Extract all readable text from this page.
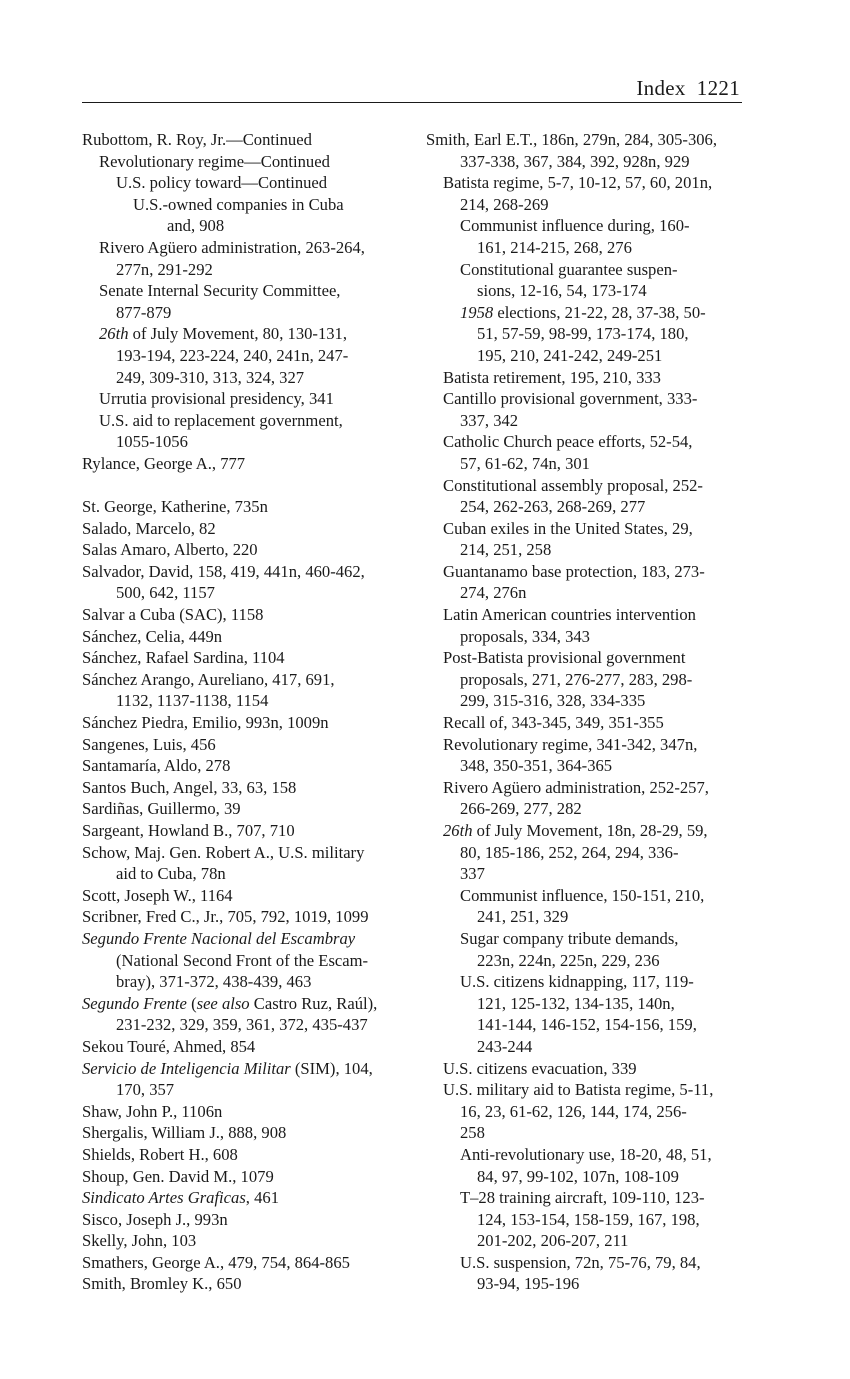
Index 1221
Rubottom, R. Roy, Jr.—Continued
Revolutionary regime—Continued
U.S. policy toward—Continued
U.S.-owned companies in Cuba
and, 908
Rivero Agüero administration, 263-264,
277n, 291-292
Senate Internal Security Committee,
877-879
26th of July Movement, 80, 130-131,
193-194, 223-224, 240, 241n, 247-
249, 309-310, 313, 324, 327
Urrutia provisional presidency, 341
U.S. aid to replacement government,
1055-1056
Rylance, George A., 777
St. George, Katherine, 735n
Salado, Marcelo, 82
Salas Amaro, Alberto, 220
Salvador, David, 158, 419, 441n, 460-462,
500, 642, 1157
Salvar a Cuba (SAC), 1158
Sánchez, Celia, 449n
Sánchez, Rafael Sardina, 1104
Sánchez Arango, Aureliano, 417, 691,
1132, 1137-1138, 1154
Sánchez Piedra, Emilio, 993n, 1009n
Sangenes, Luis, 456
Santamaría, Aldo, 278
Santos Buch, Angel, 33, 63, 158
Sardiñas, Guillermo, 39
Sargeant, Howland B., 707, 710
Schow, Maj. Gen. Robert A., U.S. military
aid to Cuba, 78n
Scott, Joseph W., 1164
Scribner, Fred C., Jr., 705, 792, 1019, 1099
Segundo Frente Nacional del Escambray
(National Second Front of the Escam-
bray), 371-372, 438-439, 463
Segundo Frente (see also Castro Ruz, Raúl),
231-232, 329, 359, 361, 372, 435-437
Sekou Touré, Ahmed, 854
Servicio de Inteligencia Militar (SIM), 104,
170, 357
Shaw, John P., 1106n
Shergalis, William J., 888, 908
Shields, Robert H., 608
Shoup, Gen. David M., 1079
Sindicato Artes Graficas, 461
Sisco, Joseph J., 993n
Skelly, John, 103
Smathers, George A., 479, 754, 864-865
Smith, Bromley K., 650
Smith, Earl E.T., 186n, 279n, 284, 305-306,
337-338, 367, 384, 392, 928n, 929
Batista regime, 5-7, 10-12, 57, 60, 201n,
214, 268-269
Communist influence during, 160-
161, 214-215, 268, 276
Constitutional guarantee suspen-
sions, 12-16, 54, 173-174
1958 elections, 21-22, 28, 37-38, 50-
51, 57-59, 98-99, 173-174, 180,
195, 210, 241-242, 249-251
Batista retirement, 195, 210, 333
Cantillo provisional government, 333-
337, 342
Catholic Church peace efforts, 52-54,
57, 61-62, 74n, 301
Constitutional assembly proposal, 252-
254, 262-263, 268-269, 277
Cuban exiles in the United States, 29,
214, 251, 258
Guantanamo base protection, 183, 273-
274, 276n
Latin American countries intervention
proposals, 334, 343
Post-Batista provisional government
proposals, 271, 276-277, 283, 298-
299, 315-316, 328, 334-335
Recall of, 343-345, 349, 351-355
Revolutionary regime, 341-342, 347n,
348, 350-351, 364-365
Rivero Agüero administration, 252-257,
266-269, 277, 282
26th of July Movement, 18n, 28-29, 59,
80, 185-186, 252, 264, 294, 336-
337
Communist influence, 150-151, 210,
241, 251, 329
Sugar company tribute demands,
223n, 224n, 225n, 229, 236
U.S. citizens kidnapping, 117, 119-
121, 125-132, 134-135, 140n,
141-144, 146-152, 154-156, 159,
243-244
U.S. citizens evacuation, 339
U.S. military aid to Batista regime, 5-11,
16, 23, 61-62, 126, 144, 174, 256-
258
Anti-revolutionary use, 18-20, 48, 51,
84, 97, 99-102, 107n, 108-109
T–28 training aircraft, 109-110, 123-
124, 153-154, 158-159, 167, 198,
201-202, 206-207, 211
U.S. suspension, 72n, 75-76, 79, 84,
93-94, 195-196
